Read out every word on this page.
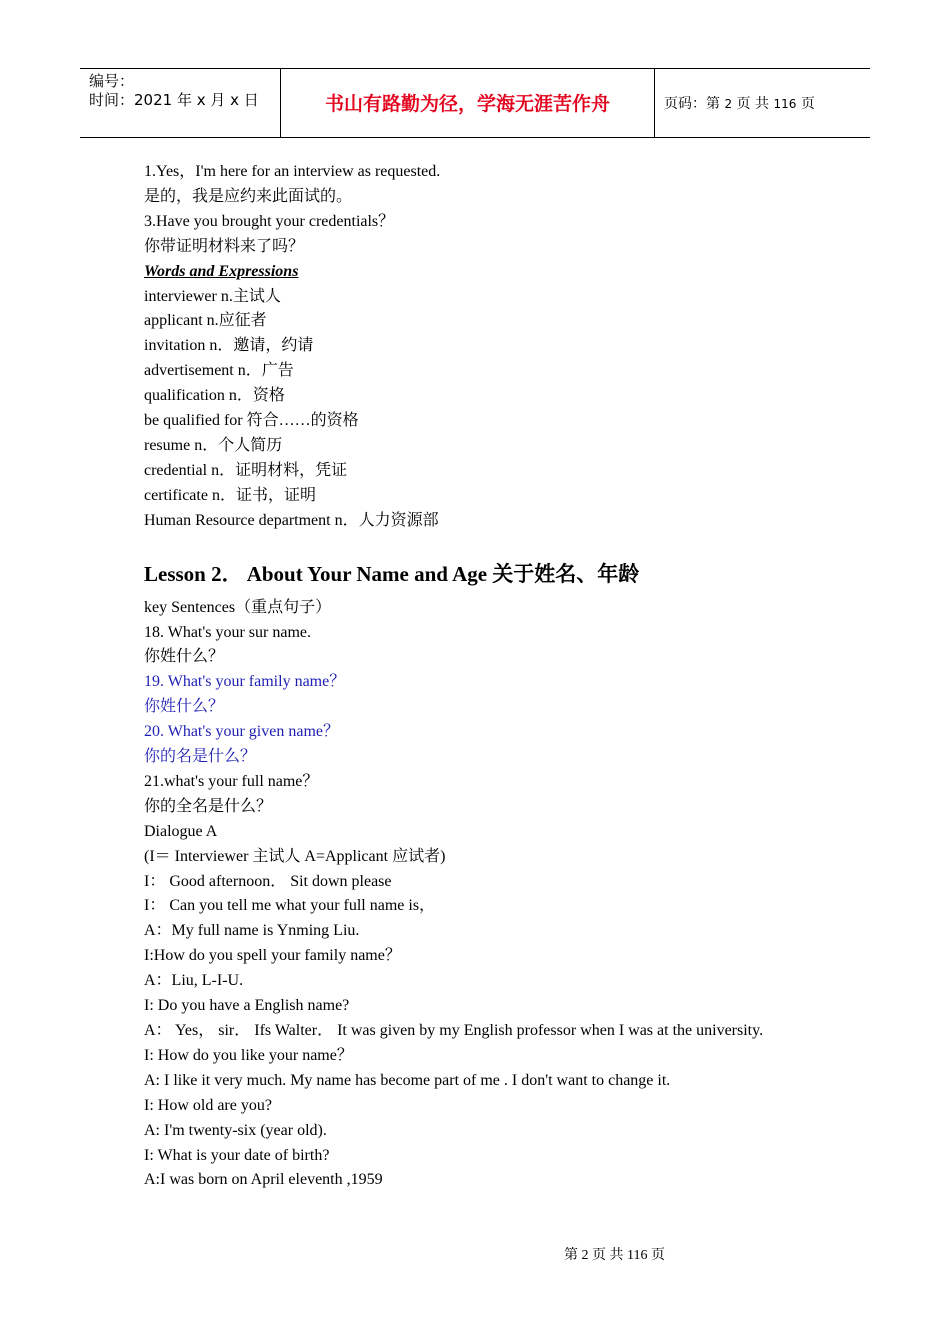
编号：
时间：2021 年 x 月 x 日	书山有路勤为径，学海无涯苦作舟	页码：第 2 页 共 116 页
1.Yes，I'm here for an interview as requested.
是的，我是应约来此面试的。
3.Have you brought your credentials？
你带证明材料来了吗？
Words and Expressions
interviewer n.主试人
applicant n.应征者
invitation n．邀请，约请
advertisement n．广告
qualification n．资格
be qualified for 符合……的资格
resume n．个人简历
credential n．证明材料，凭证
certificate n．证书，证明
Human Resource department n．人力资源部
Lesson 2． About Your Name and Age 关于姓名、年龄
key Sentences（重点句子）
18. What's your sur name.
你姓什么？
19. What's your family name？
你姓什么？
20. What's your given name？
你的名是什么？
21.what's your full name？
你的全名是什么？
Dialogue A
(I＝ Interviewer 主试人 A=Applicant 应试者)
I： Good afternoon． Sit down please
I： Can you tell me what your full name is，
A：My full name is Ynming Liu.
I:How do you spell your family name？
A：Liu, L-I-U.
I: Do you have a English name?
A： Yes， sir． Ifs Walter． It was given by my English professor when I was at the university.
I: How do you like your name？
A: I like it very much. My name has become part of me . I don't want to change it.
I: How old are you?
A: I'm twenty-six (year old).
I: What is your date of birth?
A:I was born on April eleventh ,1959
第 2 页 共 116 页
